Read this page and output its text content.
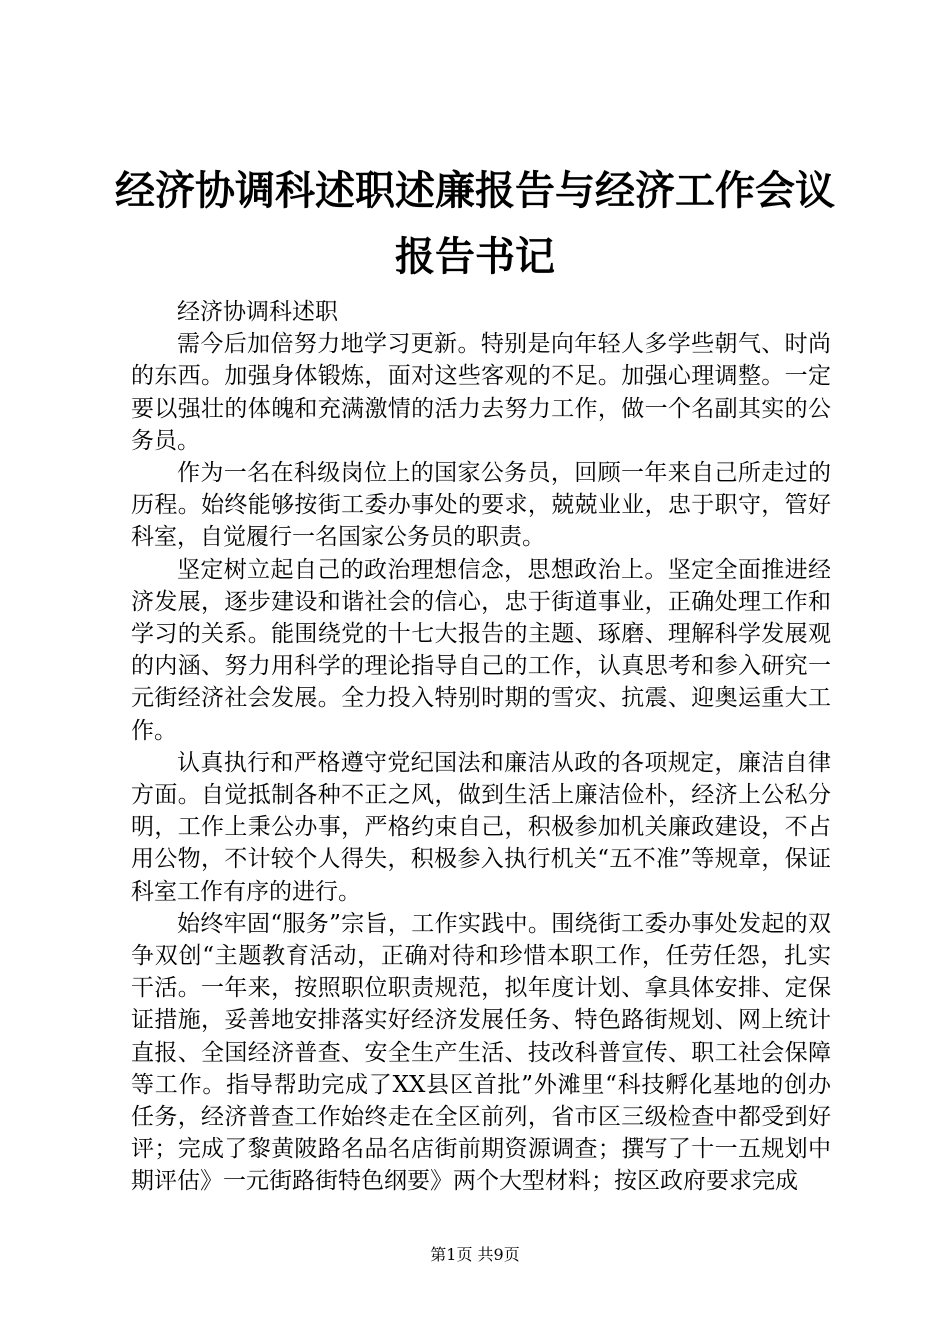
经济协调科述职述廉报告与经济工作会议报告书记

经济协调科述职

需今后加倍努力地学习更新。特别是向年轻人多学些朝气、时尚的东西。加强身体锻炼，面对这些客观的不足。加强心理调整。一定要以强壮的体魄和充满激情的活力去努力工作，做一个名副其实的公务员。

作为一名在科级岗位上的国家公务员，回顾一年来自己所走过的历程。始终能够按街工委办事处的要求，兢兢业业，忠于职守，管好科室，自觉履行一名国家公务员的职责。

坚定树立起自己的政治理想信念，思想政治上。坚定全面推进经济发展，逐步建设和谐社会的信心，忠于街道事业，正确处理工作和学习的关系。能围绕党的十七大报告的主题、琢磨、理解科学发展观的内涵、努力用科学的理论指导自己的工作，认真思考和参入研究一元街经济社会发展。全力投入特别时期的雪灾、抗震、迎奥运重大工作。

认真执行和严格遵守党纪国法和廉洁从政的各项规定，廉洁自律方面。自觉抵制各种不正之风，做到生活上廉洁俭朴，经济上公私分明，工作上秉公办事，严格约束自己，积极参加机关廉政建设，不占用公物，不计较个人得失，积极参入执行机关“五不准”等规章，保证科室工作有序的进行。

始终牢固“服务”宗旨，工作实践中。围绕街工委办事处发起的双争双创“主题教育活动，正确对待和珍惜本职工作，任劳任怨，扎实干活。一年来，按照职位职责规范，拟年度计划、拿具体安排、定保证措施，妥善地安排落实好经济发展任务、特色路街规划、网上统计直报、全国经济普查、安全生产生活、技改科普宣传、职工社会保障等工作。指导帮助完成了XX县区首批”外滩里“科技孵化基地的创办任务，经济普查工作始终走在全区前列，省市区三级检查中都受到好评；完成了黎黄陂路名品名店街前期资源调查；撰写了十一五规划中期评估》一元街路街特色纲要》两个大型材料；按区政府要求完成

第1页 共9页
